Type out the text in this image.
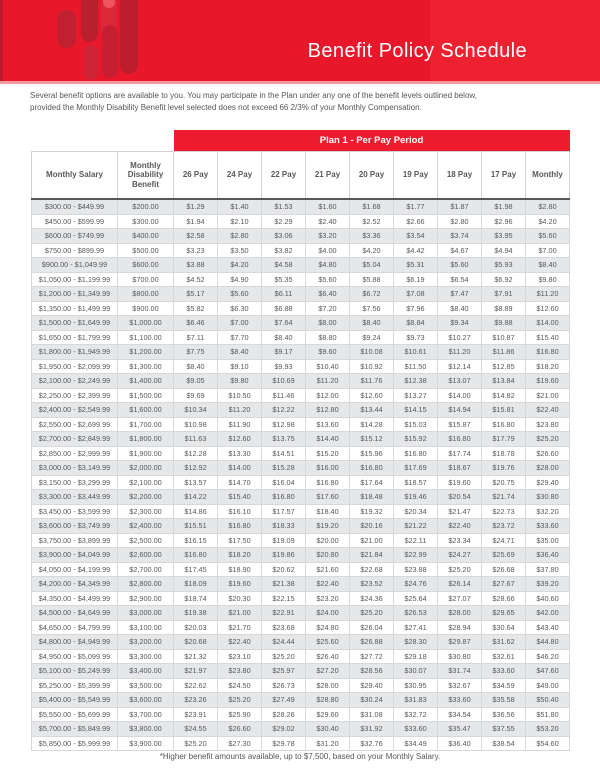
Benefit Policy Schedule
Several benefit options are available to you. You may participate in the Plan under any one of the benefit levels outlined below,
provided the Monthly Disability Benefit level selected does not exceed 66 2/3% of your Monthly Compensation.
		Plan 1 - Per Pay Period								
Monthly Salary	Monthly Disability Benefit	26 Pay	24 Pay	22 Pay	21 Pay	20 Pay	19 Pay	18 Pay	17 Pay	Monthly
$300.00 - $449.99	$200.00	$1.29	$1.40	$1.53	$1.60	$1.68	$1.77	$1.87	$1.98	$2.80
$450.00 - $599.99	$300.00	$1.94	$2.10	$2.29	$2.40	$2.52	$2.66	$2.80	$2.96	$4.20
$600.00 - $749.99	$400.00	$2.58	$2.80	$3.06	$3.20	$3.36	$3.54	$3.74	$3.95	$5.60
$750.00 - $899.99	$500.00	$3.23	$3.50	$3.82	$4.00	$4.20	$4.42	$4.67	$4.94	$7.00
$900.00 - $1,049.99	$600.00	$3.88	$4.20	$4.58	$4.80	$5.04	$5.31	$5.60	$5.93	$8.40
$1,050.00 - $1,199.99	$700.00	$4.52	$4.90	$5.35	$5.60	$5.88	$6.19	$6.54	$6.92	$9.80
$1,200.00 - $1,349.99	$800.00	$5.17	$5.60	$6.11	$6.40	$6.72	$7.08	$7.47	$7.91	$11.20
$1,350.00 - $1,499.99	$900.00	$5.82	$6.30	$6.88	$7.20	$7.56	$7.96	$8.40	$8.89	$12.60
$1,500.00 - $1,649.99	$1,000.00	$6.46	$7.00	$7.64	$8.00	$8.40	$8.84	$9.34	$9.88	$14.00
$1,650.00 - $1,799.99	$1,100.00	$7.11	$7.70	$8.40	$8.80	$9.24	$9.73	$10.27	$10.87	$15.40
$1,800.00 - $1,949.99	$1,200.00	$7.75	$8.40	$9.17	$9.60	$10.08	$10.61	$11.20	$11.86	$16.80
$1,950.00 - $2,099.99	$1,300.00	$8.40	$9.10	$9.93	$10.40	$10.92	$11.50	$12.14	$12.85	$18.20
$2,100.00 - $2,249.99	$1,400.00	$9.05	$9.80	$10.69	$11.20	$11.76	$12.38	$13.07	$13.84	$19.60
$2,250.00 - $2,399.99	$1,500.00	$9.69	$10.50	$11.46	$12.00	$12.60	$13.27	$14.00	$14.82	$21.00
$2,400.00 - $2,549.99	$1,600.00	$10.34	$11.20	$12.22	$12.80	$13.44	$14.15	$14.94	$15.81	$22.40
$2,550.00 - $2,699.99	$1,700.00	$10.98	$11.90	$12.98	$13.60	$14.28	$15.03	$15.87	$16.80	$23.80
$2,700.00 - $2,849.99	$1,800.00	$11.63	$12.60	$13.75	$14.40	$15.12	$15.92	$16.80	$17.79	$25.20
$2,850.00 - $2,999.99	$1,900.00	$12.28	$13.30	$14.51	$15.20	$15.96	$16.80	$17.74	$18.78	$26.60
$3,000.00 - $3,149.99	$2,000.00	$12.92	$14.00	$15.28	$16.00	$16.80	$17.69	$18.67	$19.76	$28.00
$3,150.00 - $3,299.99	$2,100.00	$13.57	$14.70	$16.04	$16.80	$17.64	$18.57	$19.60	$20.75	$29.40
$3,300.00 - $3,449.99	$2,200.00	$14.22	$15.40	$16.80	$17.60	$18.48	$19.46	$20.54	$21.74	$30.80
$3,450.00 - $3,599.99	$2,300.00	$14.86	$16.10	$17.57	$18.40	$19.32	$20.34	$21.47	$22.73	$32.20
$3,600.00 - $3,749.99	$2,400.00	$15.51	$16.80	$18.33	$19.20	$20.16	$21.22	$22.40	$23.72	$33.60
$3,750.00 - $3,899.99	$2,500.00	$16.15	$17.50	$19.09	$20.00	$21.00	$22.11	$23.34	$24.71	$35.00
$3,900.00 - $4,049.99	$2,600.00	$16.80	$18.20	$19.86	$20.80	$21.84	$22.99	$24.27	$25.69	$36.40
$4,050.00 - $4,199.99	$2,700.00	$17.45	$18.90	$20.62	$21.60	$22.68	$23.88	$25.20	$26.68	$37.80
$4,200.00 - $4,349.99	$2,800.00	$18.09	$19.60	$21.38	$22.40	$23.52	$24.76	$26.14	$27.67	$39.20
$4,350.00 - $4,499.99	$2,900.00	$18.74	$20.30	$22.15	$23.20	$24.36	$25.64	$27.07	$28.66	$40.60
$4,500.00 - $4,649.99	$3,000.00	$19.38	$21.00	$22.91	$24.00	$25.20	$26.53	$28.00	$29.65	$42.00
$4,650.00 - $4,799.99	$3,100.00	$20.03	$21.70	$23.68	$24.80	$26.04	$27.41	$28.94	$30.64	$43.40
$4,800.00 - $4,949.99	$3,200.00	$20.68	$22.40	$24.44	$25.60	$26.88	$28.30	$29.87	$31.62	$44.80
$4,950.00 - $5,099.99	$3,300.00	$21.32	$23.10	$25.20	$26.40	$27.72	$29.18	$30.80	$32.61	$46.20
$5,100.00 - $5,249.99	$3,400.00	$21.97	$23.80	$25.97	$27.20	$28.56	$30.07	$31.74	$33.60	$47.60
$5,250.00 - $5,399.99	$3,500.00	$22.62	$24.50	$26.73	$28.00	$29.40	$30.95	$32.67	$34.59	$49.00
$5,400.00 - $5,549.99	$3,600.00	$23.26	$25.20	$27.49	$28.80	$30.24	$31.83	$33.60	$35.58	$50.40
$5,550.00 - $5,699.99	$3,700.00	$23.91	$25.90	$28.26	$29.60	$31.08	$32.72	$34.54	$36.56	$51.80
$5,700.00 - $5,849.99	$3,800.00	$24.55	$26.60	$29.02	$30.40	$31.92	$33.60	$35.47	$37.55	$53.20
$5,850.00 - $5,999.99	$3,900.00	$25.20	$27.30	$29.78	$31.20	$32.76	$34.49	$36.40	$38.54	$54.60
*Higher benefit amounts available, up to $7,500, based on your Monthly Salary.
